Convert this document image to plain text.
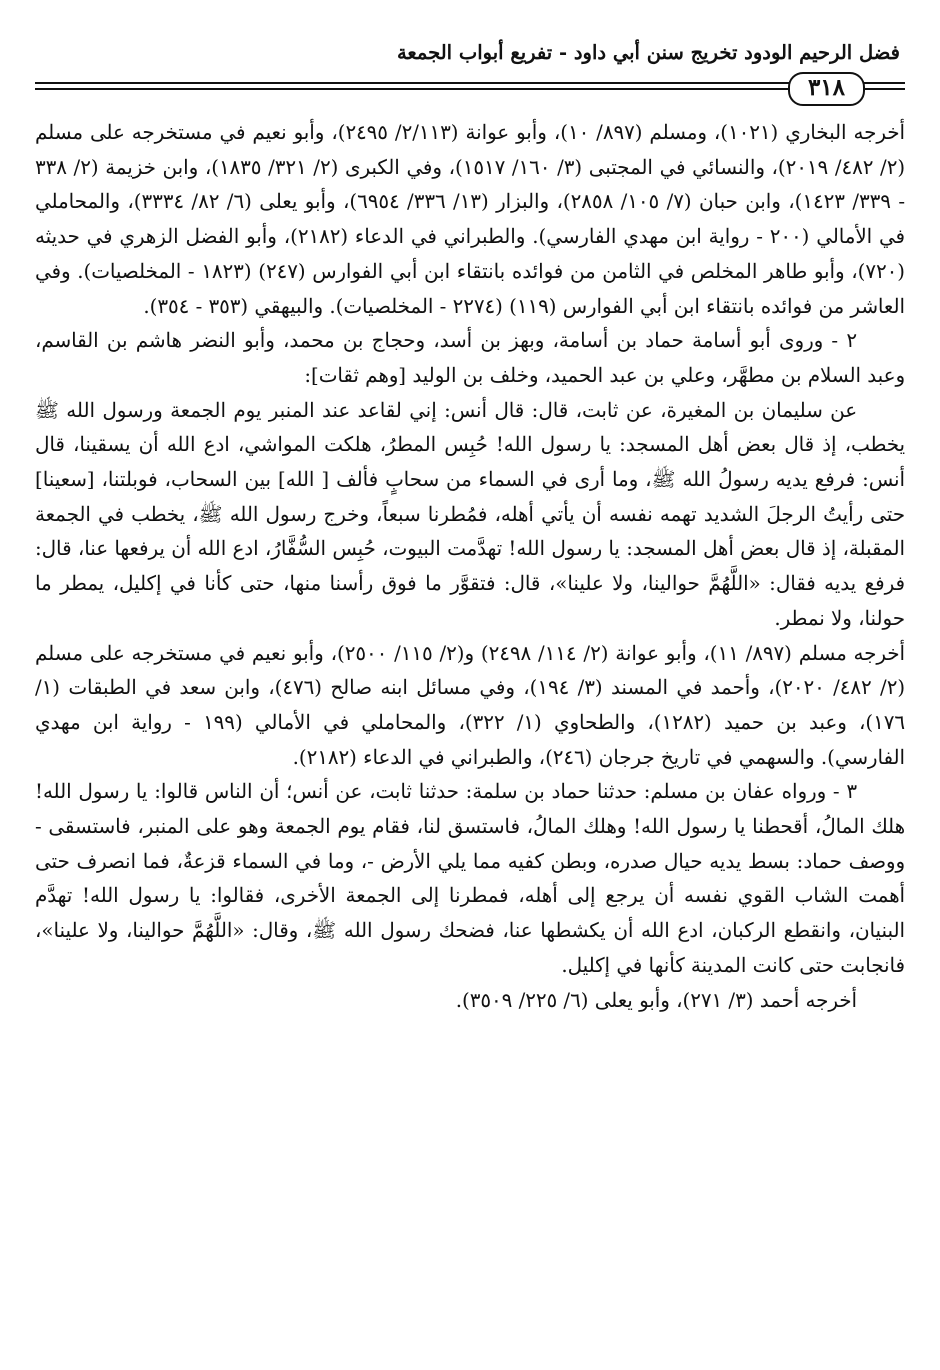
فضل الرحيم الودود تخريج سنن أبي داود - تفريع أبواب الجمعة
٣١٨

أخرجه البخاري (١٠٢١)، ومسلم (٨٩٧/ ١٠)، وأبو عوانة (٢/١١٣/ ٢٤٩٥)، وأبو نعيم في مستخرجه على مسلم (٢/ ٤٨٢/ ٢٠١٩)، والنسائي في المجتبى (٣/ ١٦٠/ ١٥١٧)، وفي الكبرى (٢/ ٣٢١/ ١٨٣٥)، وابن خزيمة (٢/ ٣٣٨ - ٣٣٩/ ١٤٢٣)، وابن حبان (٧/ ١٠٥/ ٢٨٥٨)، والبزار (١٣/ ٣٣٦/ ٦٩٥٤)، وأبو يعلى (٦/ ٨٢/ ٣٣٣٤)، والمحاملي في الأمالي (٢٠٠ - رواية ابن مهدي الفارسي). والطبراني في الدعاء (٢١٨٢)، وأبو الفضل الزهري في حديثه (٧٢٠)، وأبو طاهر المخلص في الثامن من فوائده بانتقاء ابن أبي الفوارس (٢٤٧) (١٨٢٣ - المخلصيات). وفي العاشر من فوائده بانتقاء ابن أبي الفوارس (١١٩) (٢٢٧٤ - المخلصيات). والبيهقي (٣٥٣ - ٣٥٤).

٢ - وروى أبو أسامة حماد بن أسامة، وبهز بن أسد، وحجاج بن محمد، وأبو النضر هاشم بن القاسم، وعبد السلام بن مطهَّر، وعلي بن عبد الحميد، وخلف بن الوليد [وهم ثقات]:

عن سليمان بن المغيرة، عن ثابت، قال: قال أنس: إني لقاعد عند المنبر يوم الجمعة ورسول الله ﷺ يخطب، إذ قال بعض أهل المسجد: يا رسول الله! حُبِس المطرُ، هلكت المواشي، ادع الله أن يسقينا، قال أنس: فرفع يديه رسولُ الله ﷺ، وما أرى في السماء من سحابٍ فألف [ الله] بين السحاب، فوبلتنا، [سعينا] حتى رأيتُ الرجلَ الشديد تهمه نفسه أن يأتي أهله، فمُطرنا سبعاً، وخرج رسول الله ﷺ، يخطب في الجمعة المقبلة، إذ قال بعض أهل المسجد: يا رسول الله! تهدَّمت البيوت، حُبِس السُّفَّارُ، ادع الله أن يرفعها عنا، قال: فرفع يديه فقال: «اللَّهُمَّ حوالينا، ولا علينا»، قال: فتقوَّر ما فوق رأسنا منها، حتى كأنا في إكليل، يمطر ما حولنا، ولا نمطر.

أخرجه مسلم (٨٩٧/ ١١)، وأبو عوانة (٢/ ١١٤/ ٢٤٩٨) و(٢/ ١١٥/ ٢٥٠٠)، وأبو نعيم في مستخرجه على مسلم (٢/ ٤٨٢/ ٢٠٢٠)، وأحمد في المسند (٣/ ١٩٤)، وفي مسائل ابنه صالح (٤٧٦)، وابن سعد في الطبقات (١/ ١٧٦)، وعبد بن حميد (١٢٨٢)، والطحاوي (١/ ٣٢٢)، والمحاملي في الأمالي (١٩٩ - رواية ابن مهدي الفارسي). والسهمي في تاريخ جرجان (٢٤٦)، والطبراني في الدعاء (٢١٨٢).

٣ - ورواه عفان بن مسلم: حدثنا حماد بن سلمة: حدثنا ثابت، عن أنس؛ أن الناس قالوا: يا رسول الله! هلك المالُ، أقحطنا يا رسول الله! وهلك المالُ، فاستسق لنا، فقام يوم الجمعة وهو على المنبر، فاستسقى - ووصف حماد: بسط يديه حيال صدره، وبطن كفيه مما يلي الأرض -، وما في السماء قزعةٌ، فما انصرف حتى أهمت الشاب القوي نفسه أن يرجع إلى أهله، فمطرنا إلى الجمعة الأخرى، فقالوا: يا رسول الله! تهدَّم البنيان، وانقطع الركبان، ادع الله أن يكشطها عنا، فضحك رسول الله ﷺ، وقال: «اللَّهُمَّ حوالينا، ولا علينا»، فانجابت حتى كانت المدينة كأنها في إكليل.

أخرجه أحمد (٣/ ٢٧١)، وأبو يعلى (٦/ ٢٢٥/ ٣٥٠٩).
